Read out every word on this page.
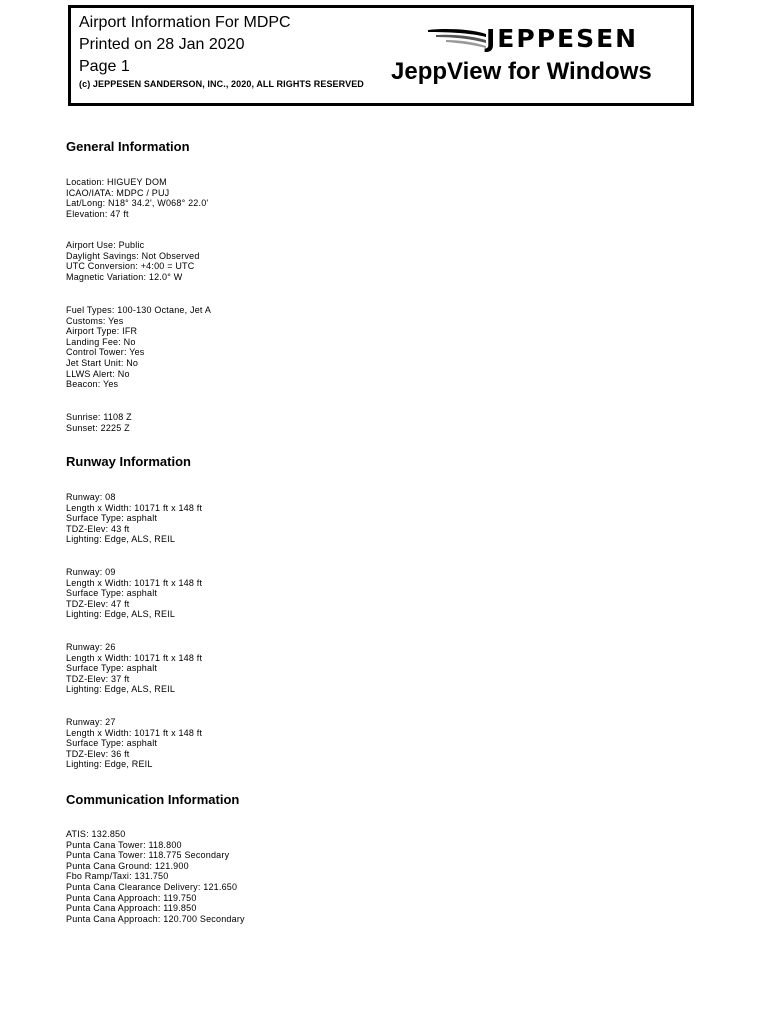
Airport Information For MDPC
Printed on 28 Jan 2020
Page 1
(c) JEPPESEN SANDERSON, INC., 2020, ALL RIGHTS RESERVED
JEPPESEN
JeppView for Windows
General Information
Location: HIGUEY DOM
ICAO/IATA: MDPC / PUJ
Lat/Long: N18° 34.2', W068° 22.0'
Elevation: 47 ft
Airport Use: Public
Daylight Savings: Not Observed
UTC Conversion: +4:00 = UTC
Magnetic Variation: 12.0° W
Fuel Types: 100-130 Octane, Jet A
Customs: Yes
Airport Type: IFR
Landing Fee: No
Control Tower: Yes
Jet Start Unit: No
LLWS Alert: No
Beacon: Yes
Sunrise: 1108 Z
Sunset: 2225 Z
Runway Information
Runway: 08
Length x Width: 10171 ft x 148 ft
Surface Type: asphalt
TDZ-Elev: 43 ft
Lighting: Edge, ALS, REIL
Runway: 09
Length x Width: 10171 ft x 148 ft
Surface Type: asphalt
TDZ-Elev: 47 ft
Lighting: Edge, ALS, REIL
Runway: 26
Length x Width: 10171 ft x 148 ft
Surface Type: asphalt
TDZ-Elev: 37 ft
Lighting: Edge, ALS, REIL
Runway: 27
Length x Width: 10171 ft x 148 ft
Surface Type: asphalt
TDZ-Elev: 36 ft
Lighting: Edge, REIL
Communication Information
ATIS: 132.850
Punta Cana Tower: 118.800
Punta Cana Tower: 118.775 Secondary
Punta Cana Ground: 121.900
Fbo Ramp/Taxi: 131.750
Punta Cana Clearance Delivery: 121.650
Punta Cana Approach: 119.750
Punta Cana Approach: 119.850
Punta Cana Approach: 120.700 Secondary
